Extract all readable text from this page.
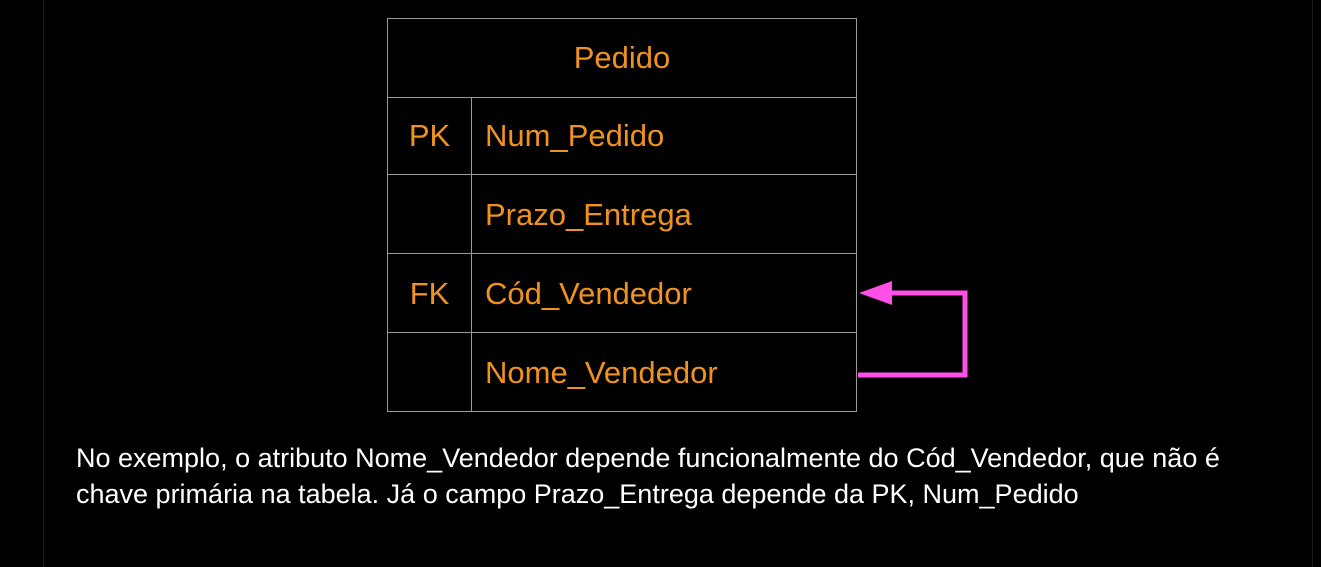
Pedido
PK	Num_Pedido
Prazo_Entrega
FK	Cód_Vendedor
Nome_Vendedor
No exemplo, o atributo Nome_Vendedor depende funcionalmente do Cód_Vendedor, que não é chave primária na tabela. Já o campo Prazo_Entrega depende da PK, Num_Pedido
